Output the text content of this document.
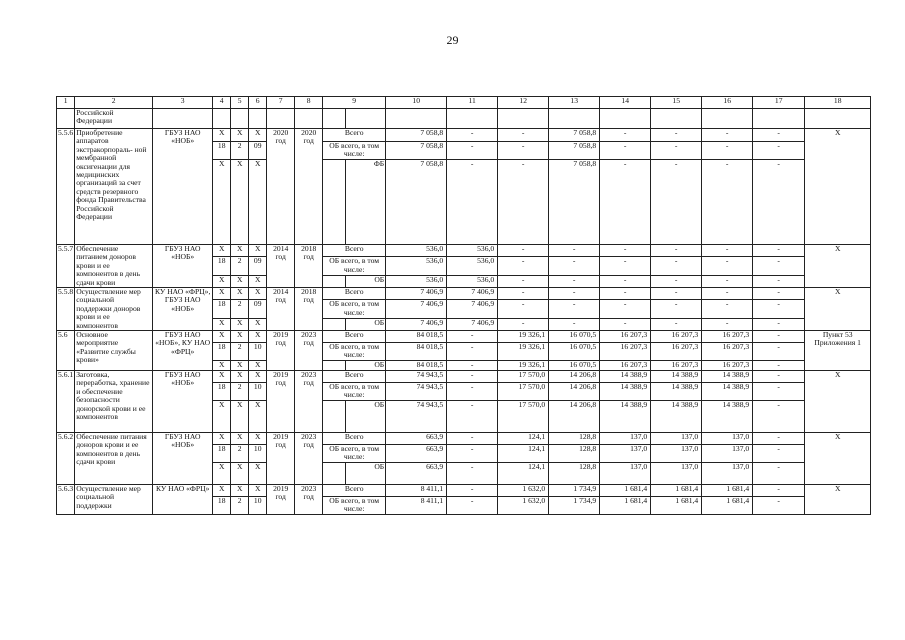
29
1	2	3	4	5	6	7	8	9		10	11	12	13	14	15	16	17	18
	Российской Федерации																	
5.5.6	Приобретение аппаратов экстракорпораль- ной мембранной оксигенации для медицинских организаций за счет средств резервного фонда Правительства Российской Федерации	ГБУЗ НАО «НОБ»	X	X	X	2020 год	2020 год	Всего		7 058,8	-	-	7 058,8	-	-	-	-	X
			18	2	09			ОБ всего, в том числе:		7 058,8	-	-	7 058,8	-	-	-	-	
			X	X	X				ФБ	7 058,8	-	-	7 058,8	-	-	-	-	
5.5.7	Обеспечение питанием доноров крови и ее компонентов в день сдачи крови	ГБУЗ НАО «НОБ»	X	X	X	2014 год	2018 год	Всего		536,0	536,0	-	-	-	-	-	-	X
			18	2	09			ОБ всего, в том числе:		536,0	536,0	-	-	-	-	-	-	
			X	X	X				ОБ	536,0	536,0	-	-	-	-	-	-	
5.5.8	Осуществление мер социальной поддержки доноров крови и ее компонентов	КУ НАО «ФРЦ», ГБУЗ НАО «НОБ»	X	X	X	2014 год	2018 год	Всего		7 406,9	7 406,9	-	-	-	-	-	-	X
			18	2	09			ОБ всего, в том числе:		7 406,9	7 406,9	-	-	-	-	-	-	
			X	X	X				ОБ	7 406,9	7 406,9	-	-	-	-	-	-	
5.6	Основное мероприятие «Развитие службы крови»	ГБУЗ НАО «НОБ», КУ НАО «ФРЦ»	X	X	X	2019 год	2023 год	Всего		84 018,5	-	19 326,1	16 070,5	16 207,3	16 207,3	16 207,3	-	Пункт 53 Приложения 1
			18	2	10			ОБ всего, в том числе:		84 018,5	-	19 326,1	16 070,5	16 207,3	16 207,3	16 207,3	-	
			X	X	X				ОБ	84 018,5	-	19 326,1	16 070,5	16 207,3	16 207,3	16 207,3	-	
5.6.1	Заготовка, переработка, хранение и обеспечение безопасности донорской крови и ее компонентов	ГБУЗ НАО «НОБ»	X	X	X	2019 год	2023 год	Всего		74 943,5	-	17 570,0	14 206,8	14 388,9	14 388,9	14 388,9	-	X
			18	2	10			ОБ всего, в том числе:		74 943,5	-	17 570,0	14 206,8	14 388,9	14 388,9	14 388,9	-	
			X	X	X				ОБ	74 943,5	-	17 570,0	14 206,8	14 388,9	14 388,9	14 388,9	-	
5.6.2	Обеспечение питания доноров крови и ее компонентов в день сдачи крови	ГБУЗ НАО «НОБ»	X	X	X	2019 год	2023 год	Всего		663,9	-	124,1	128,8	137,0	137,0	137,0	-	X
			18	2	10			ОБ всего, в том числе:		663,9	-	124,1	128,8	137,0	137,0	137,0	-	
			X	X	X				ОБ	663,9	-	124,1	128,8	137,0	137,0	137,0	-	
5.6.3	Осуществление мер социальной поддержки	КУ НАО «ФРЦ»	X	X	X	2019 год	2023 год	Всего		8 411,1	-	1 632,0	1 734,9	1 681,4	1 681,4	1 681,4	-	X
			18	2	10			ОБ всего, в том числе:		8 411,1	-	1 632,0	1 734,9	1 681,4	1 681,4	1 681,4	-	
